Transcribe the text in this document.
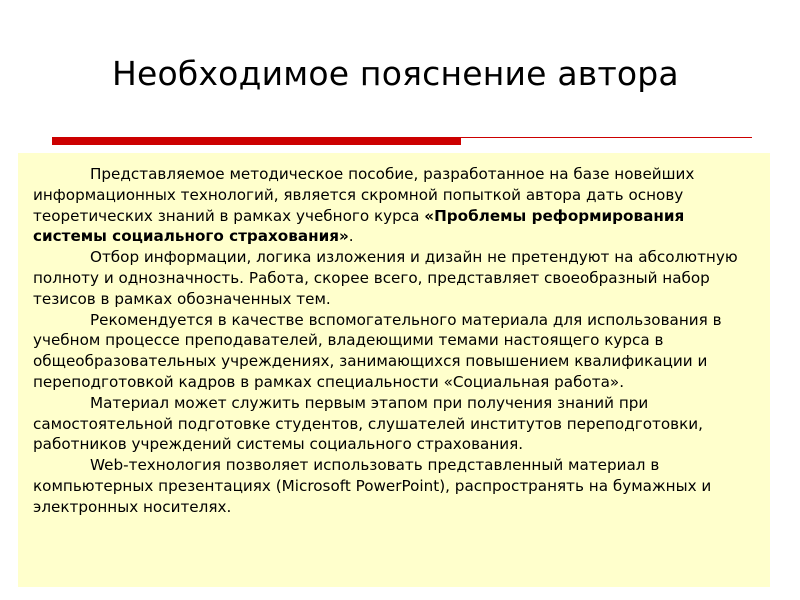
Необходимое пояснение автора

Представляемое методическое пособие, разработанное на базе новейших информационных технологий, является скромной попыткой автора дать основу теоретических знаний в рамках учебного курса «Проблемы реформирования системы социального страхования».

Отбор информации, логика изложения и дизайн не претендуют на абсолютную полноту и однозначность. Работа, скорее всего, представляет своеобразный набор тезисов в рамках обозначенных тем.

Рекомендуется в качестве вспомогательного материала для использования в учебном процессе преподавателей, владеющими темами настоящего курса в общеобразовательных учреждениях, занимающихся повышением квалификации и переподготовкой кадров в рамках специальности «Социальная работа».

Материал может служить первым этапом при получения знаний при самостоятельной подготовке студентов, слушателей институтов переподготовки, работников учреждений системы социального страхования.

Web-технология позволяет использовать представленный материал в компьютерных презентациях (Microsoft PowerPoint), распространять на бумажных и электронных носителях.
